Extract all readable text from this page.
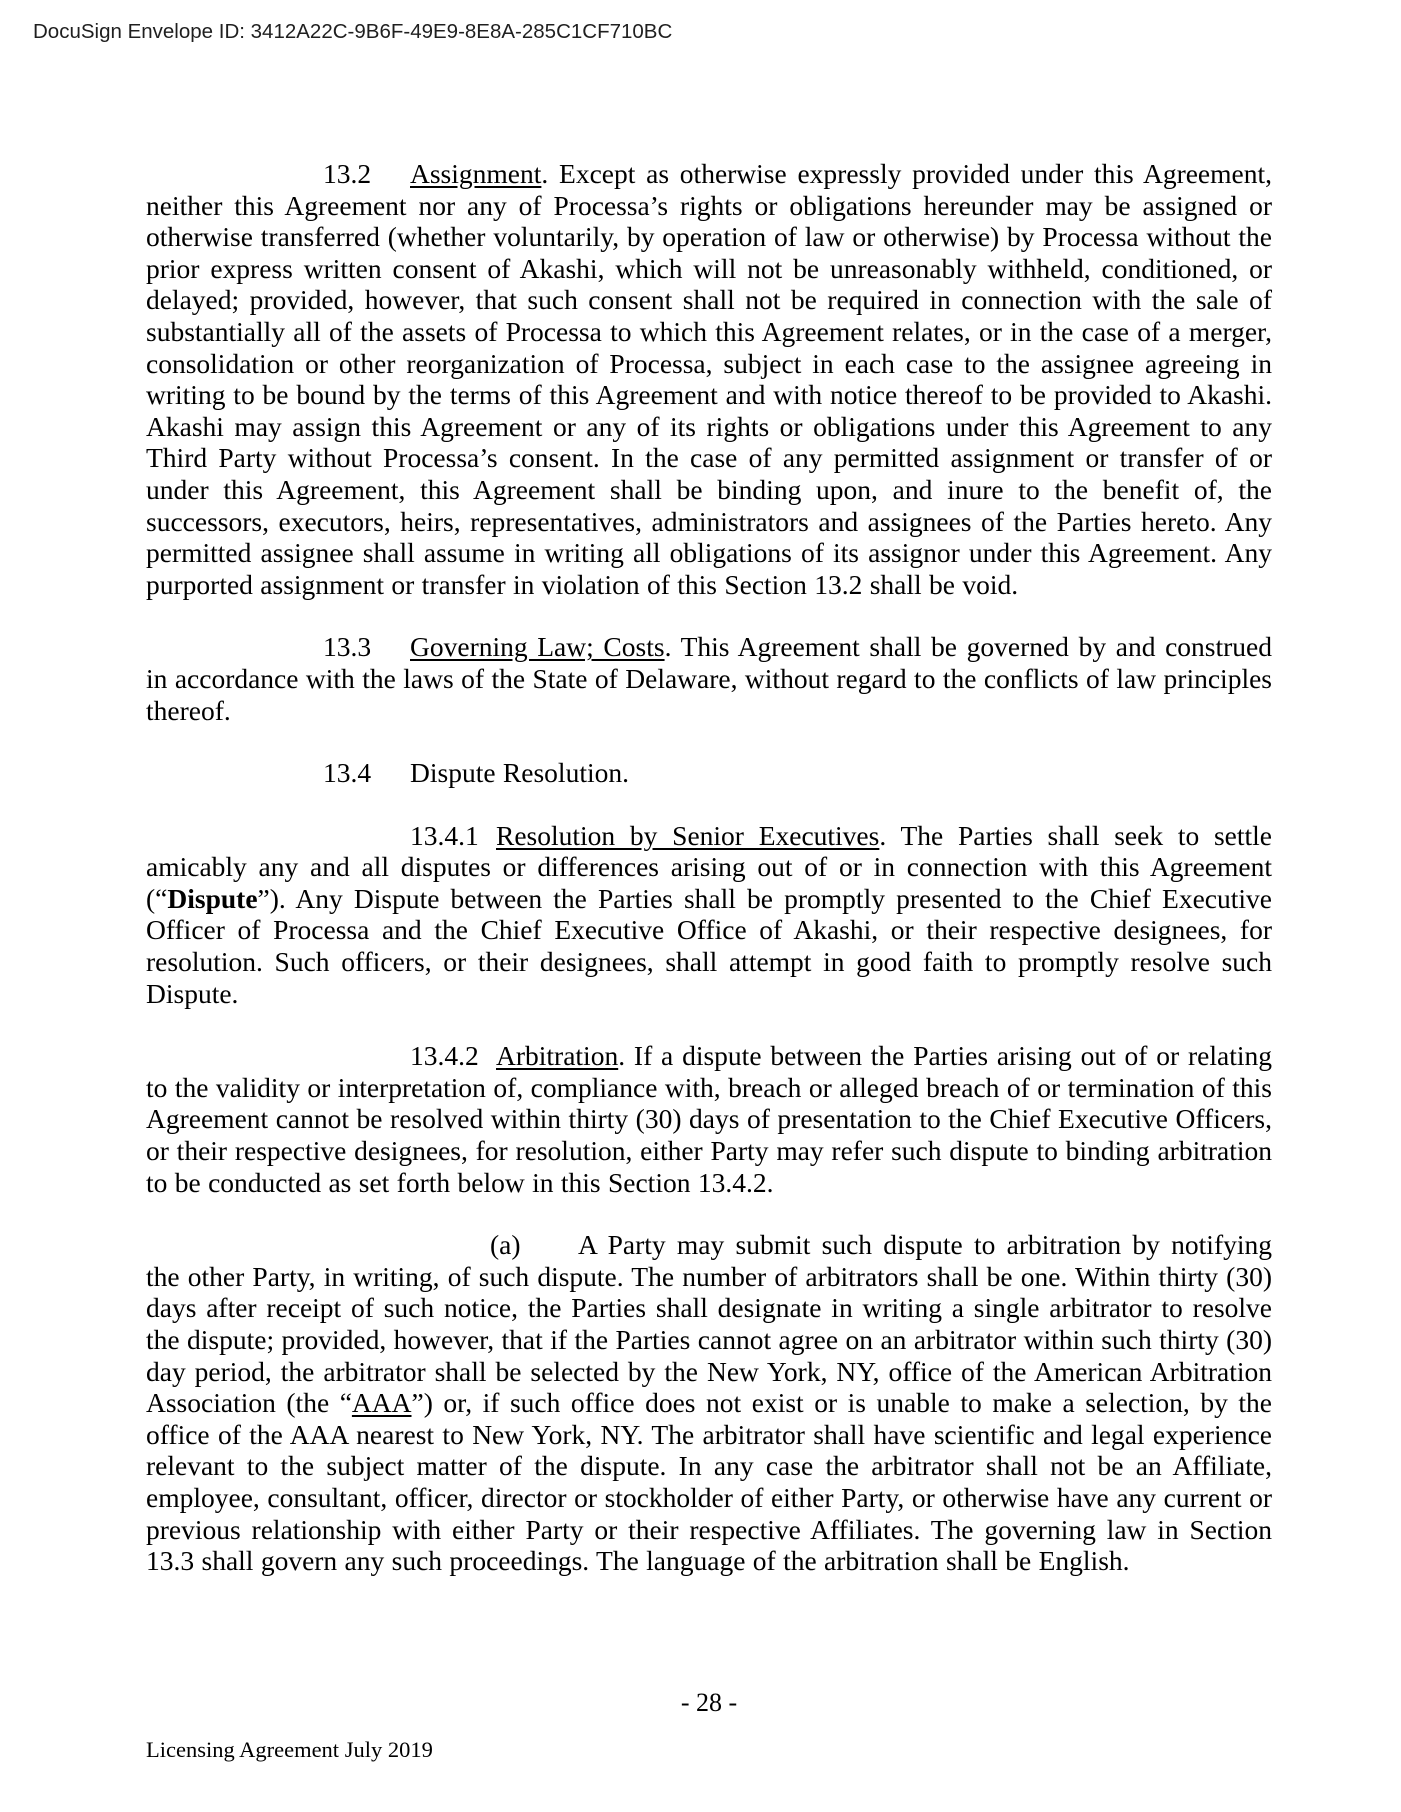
DocuSign Envelope ID: 3412A22C-9B6F-49E9-8E8A-285C1CF710BC

13.2 Assignment. Except as otherwise expressly provided under this Agreement, neither this Agreement nor any of Processa’s rights or obligations hereunder may be assigned or otherwise transferred (whether voluntarily, by operation of law or otherwise) by Processa without the prior express written consent of Akashi, which will not be unreasonably withheld, conditioned, or delayed; provided, however, that such consent shall not be required in connection with the sale of substantially all of the assets of Processa to which this Agreement relates, or in the case of a merger, consolidation or other reorganization of Processa, subject in each case to the assignee agreeing in writing to be bound by the terms of this Agreement and with notice thereof to be provided to Akashi. Akashi may assign this Agreement or any of its rights or obligations under this Agreement to any Third Party without Processa’s consent. In the case of any permitted assignment or transfer of or under this Agreement, this Agreement shall be binding upon, and inure to the benefit of, the successors, executors, heirs, representatives, administrators and assignees of the Parties hereto. Any permitted assignee shall assume in writing all obligations of its assignor under this Agreement. Any purported assignment or transfer in violation of this Section 13.2 shall be void.

13.3 Governing Law; Costs. This Agreement shall be governed by and construed in accordance with the laws of the State of Delaware, without regard to the conflicts of law principles thereof.

13.4 Dispute Resolution.

13.4.1 Resolution by Senior Executives. The Parties shall seek to settle amicably any and all disputes or differences arising out of or in connection with this Agreement (“Dispute”). Any Dispute between the Parties shall be promptly presented to the Chief Executive Officer of Processa and the Chief Executive Office of Akashi, or their respective designees, for resolution. Such officers, or their designees, shall attempt in good faith to promptly resolve such Dispute.

13.4.2 Arbitration. If a dispute between the Parties arising out of or relating to the validity or interpretation of, compliance with, breach or alleged breach of or termination of this Agreement cannot be resolved within thirty (30) days of presentation to the Chief Executive Officers, or their respective designees, for resolution, either Party may refer such dispute to binding arbitration to be conducted as set forth below in this Section 13.4.2.

(a) A Party may submit such dispute to arbitration by notifying the other Party, in writing, of such dispute. The number of arbitrators shall be one. Within thirty (30) days after receipt of such notice, the Parties shall designate in writing a single arbitrator to resolve the dispute; provided, however, that if the Parties cannot agree on an arbitrator within such thirty (30) day period, the arbitrator shall be selected by the New York, NY, office of the American Arbitration Association (the “AAA”) or, if such office does not exist or is unable to make a selection, by the office of the AAA nearest to New York, NY. The arbitrator shall have scientific and legal experience relevant to the subject matter of the dispute. In any case the arbitrator shall not be an Affiliate, employee, consultant, officer, director or stockholder of either Party, or otherwise have any current or previous relationship with either Party or their respective Affiliates. The governing law in Section 13.3 shall govern any such proceedings. The language of the arbitration shall be English.

- 28 -
Licensing Agreement July 2019
